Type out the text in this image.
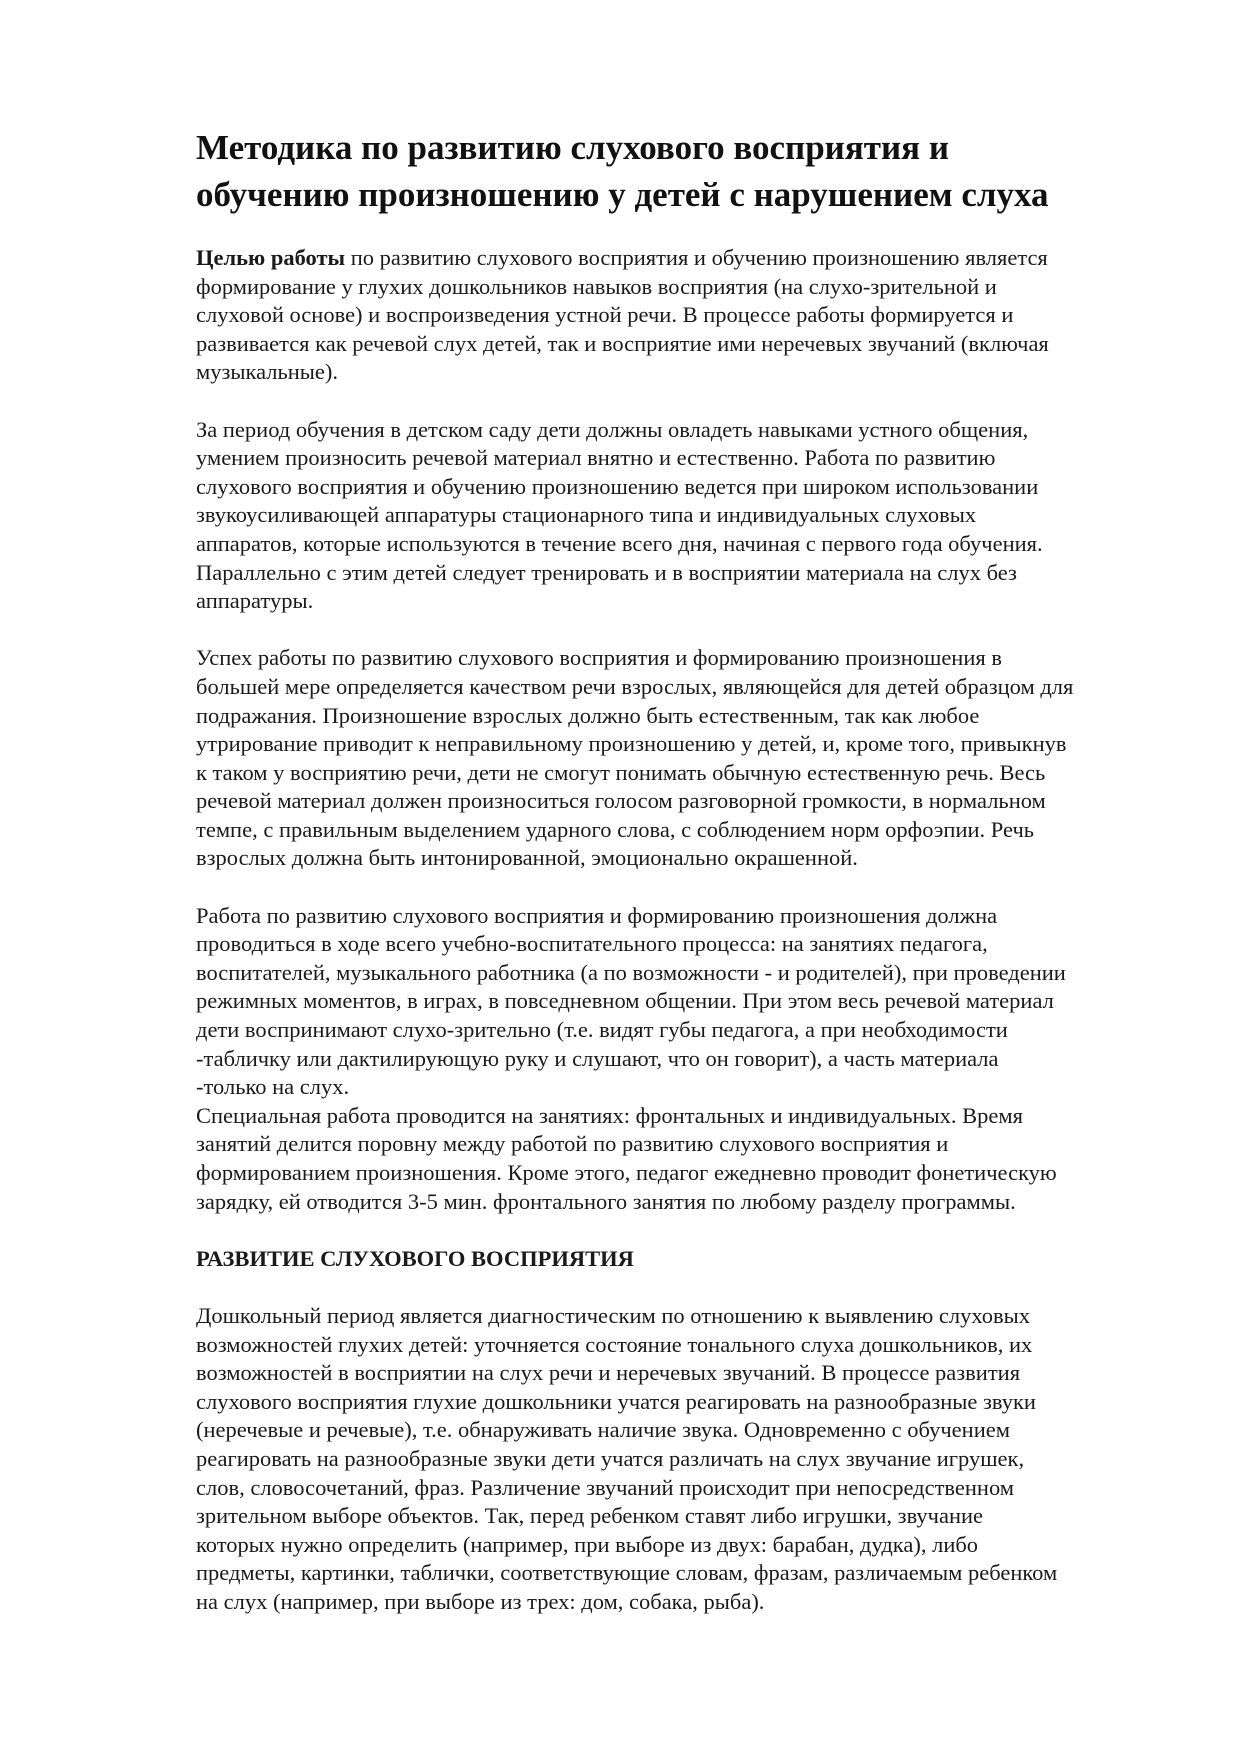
Методика по развитию слухового восприятия и
обучению произношению у детей с нарушением слуха
Целью работы по развитию слухового восприятия и обучению произношению является
формирование у глухих дошкольников навыков восприятия (на слухо-зрительной и
слуховой основе) и воспроизведения устной речи. В процессе работы формируется и
развивается как речевой слух детей, так и восприятие ими неречевых звучаний (включая
музыкальные).
За период обучения в детском саду дети должны овладеть навыками устного общения,
умением произносить речевой материал внятно и естественно. Работа по развитию
слухового восприятия и обучению произношению ведется при широком использовании
звукоусиливающей аппаратуры стационарного типа и индивидуальных слуховых
аппаратов, которые используются в течение всего дня, начиная с первого года обучения.
Параллельно с этим детей следует тренировать и в восприятии материала на слух без
аппаратуры.
Успех работы по развитию слухового восприятия и формированию произношения в
большей мере определяется качеством речи взрослых, являющейся для детей образцом для
подражания. Произношение взрослых должно быть естественным, так как любое
утрирование приводит к неправильному произношению у детей, и, кроме того, привыкнув
к таком у восприятию речи, дети не смогут понимать обычную естественную речь. Весь
речевой материал должен произноситься голосом разговорной громкости, в нормальном
темпе, с правильным выделением ударного слова, с соблюдением норм орфоэпии. Речь
взрослых должна быть интонированной, эмоционально окрашенной.
Работа по развитию слухового восприятия и формированию произношения должна
проводиться в ходе всего учебно-воспитательного процесса: на занятиях педагога,
воспитателей, музыкального работника (а по возможности - и родителей), при проведении
режимных моментов, в играх, в повседневном общении. При этом весь речевой материал
дети воспринимают слухо-зрительно (т.е. видят губы педагога, а при необходимости
-табличку или дактилирующую руку и слушают, что он говорит), а часть материала
-только на слух.
Специальная работа проводится на занятиях: фронтальных и индивидуальных. Время
занятий делится поровну между работой по развитию слухового восприятия и
формированием произношения. Кроме этого, педагог ежедневно проводит фонетическую
зарядку, ей отводится 3-5 мин. фронтального занятия по любому разделу программы.
РАЗВИТИЕ СЛУХОВОГО ВОСПРИЯТИЯ
Дошкольный период является диагностическим по отношению к выявлению слуховых
возможностей глухих детей: уточняется состояние тонального слуха дошкольников, их
возможностей в восприятии на слух речи и неречевых звучаний. В процессе развития
слухового восприятия глухие дошкольники учатся реагировать на разнообразные звуки
(неречевые и речевые), т.е. обнаруживать наличие звука. Одновременно с обучением
реагировать на разнообразные звуки дети учатся различать на слух звучание игрушек,
слов, словосочетаний, фраз. Различение звучаний происходит при непосредственном
зрительном выборе объектов. Так, перед ребенком ставят либо игрушки, звучание
которых нужно определить (например, при выборе из двух: барабан, дудка), либо
предметы, картинки, таблички, соответствующие словам, фразам, различаемым ребенком
на слух (например, при выборе из трех: дом, собака, рыба).
